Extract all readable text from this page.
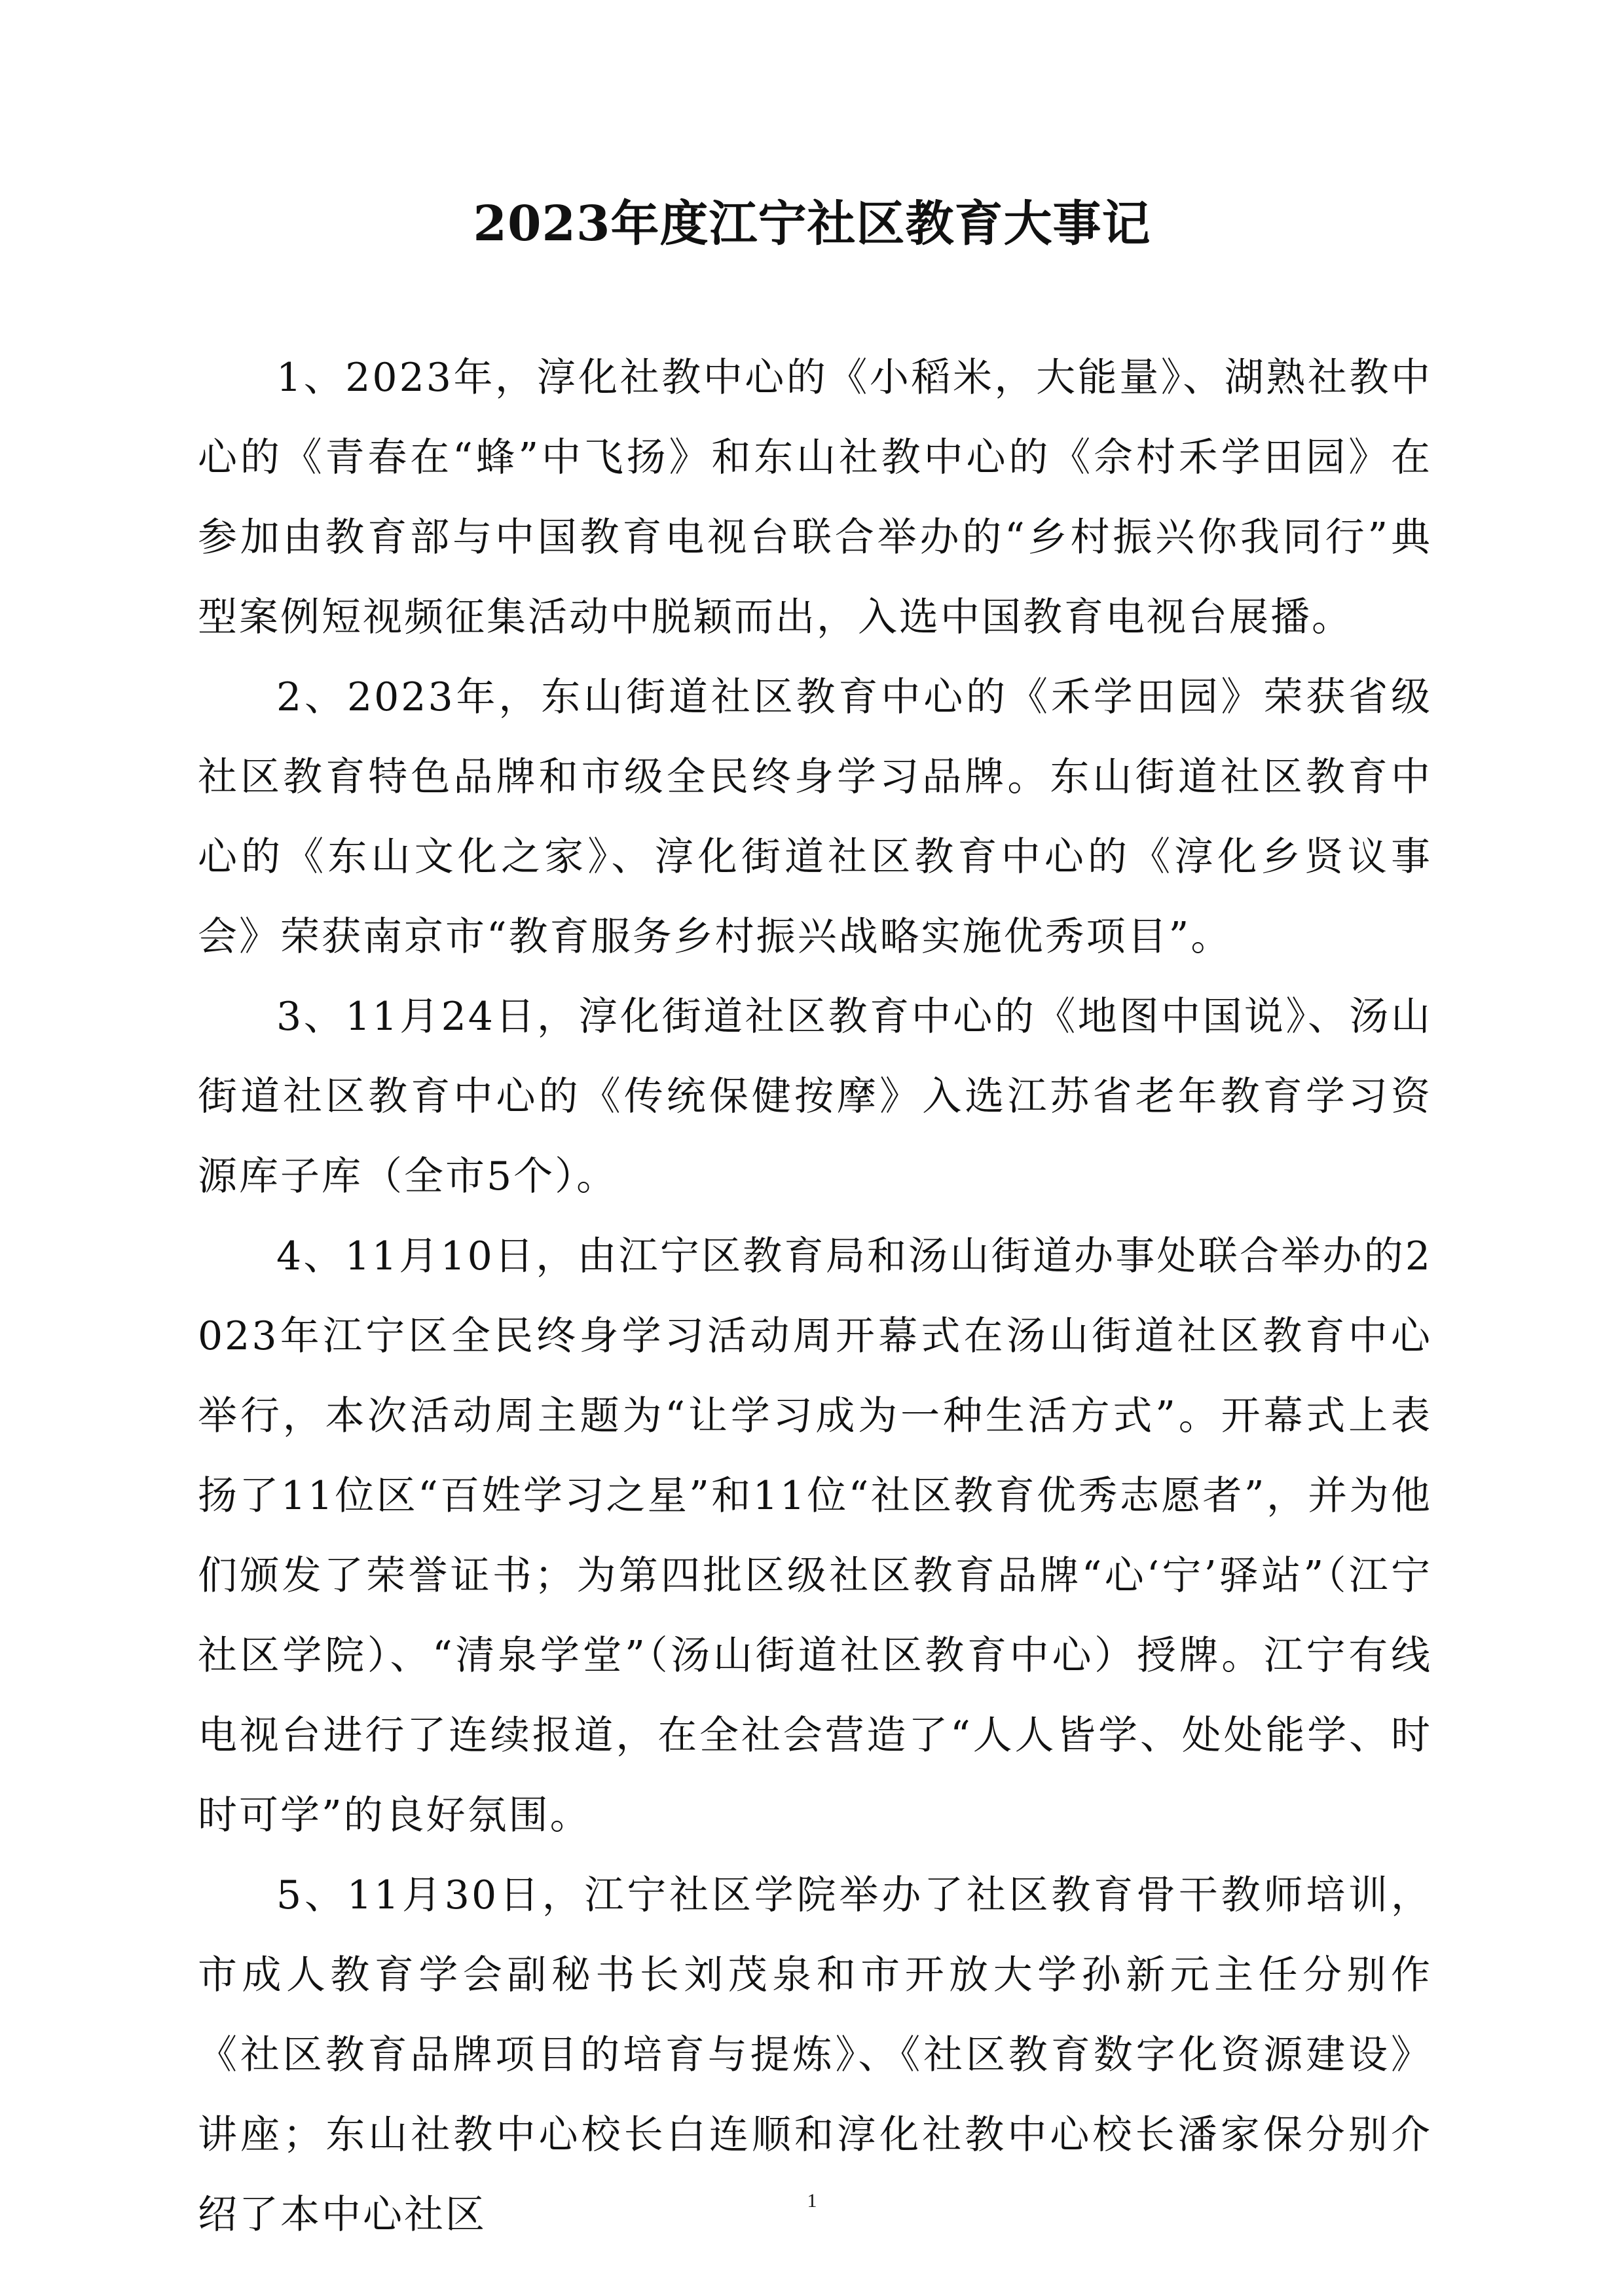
2023年度江宁社区教育大事记

1、2023年，淳化社教中心的《小稻米，大能量》、湖熟社教中心的《青春在“蜂”中飞扬》和东山社教中心的《佘村禾学田园》在参加由教育部与中国教育电视台联合举办的“乡村振兴你我同行”典型案例短视频征集活动中脱颖而出，入选中国教育电视台展播。

2、2023年，东山街道社区教育中心的《禾学田园》荣获省级社区教育特色品牌和市级全民终身学习品牌。东山街道社区教育中心的《东山文化之家》、淳化街道社区教育中心的《淳化乡贤议事会》荣获南京市“教育服务乡村振兴战略实施优秀项目”。

3、11月24日，淳化街道社区教育中心的《地图中国说》、汤山街道社区教育中心的《传统保健按摩》入选江苏省老年教育学习资源库子库（全市5个）。

4、11月10日，由江宁区教育局和汤山街道办事处联合举办的2023年江宁区全民终身学习活动周开幕式在汤山街道社区教育中心举行，本次活动周主题为“让学习成为一种生活方式”。开幕式上表扬了11位区“百姓学习之星”和11位“社区教育优秀志愿者”，并为他们颁发了荣誉证书；为第四批区级社区教育品牌“心‘宁’驿站”（江宁社区学院）、“清泉学堂”（汤山街道社区教育中心）授牌。江宁有线电视台进行了连续报道，在全社会营造了“人人皆学、处处能学、时时可学”的良好氛围。

5、11月30日，江宁社区学院举办了社区教育骨干教师培训，市成人教育学会副秘书长刘茂泉和市开放大学孙新元主任分别作《社区教育品牌项目的培育与提炼》、《社区教育数字化资源建设》讲座；东山社教中心校长白连顺和淳化社教中心校长潘家保分别介绍了本中心社区	1
